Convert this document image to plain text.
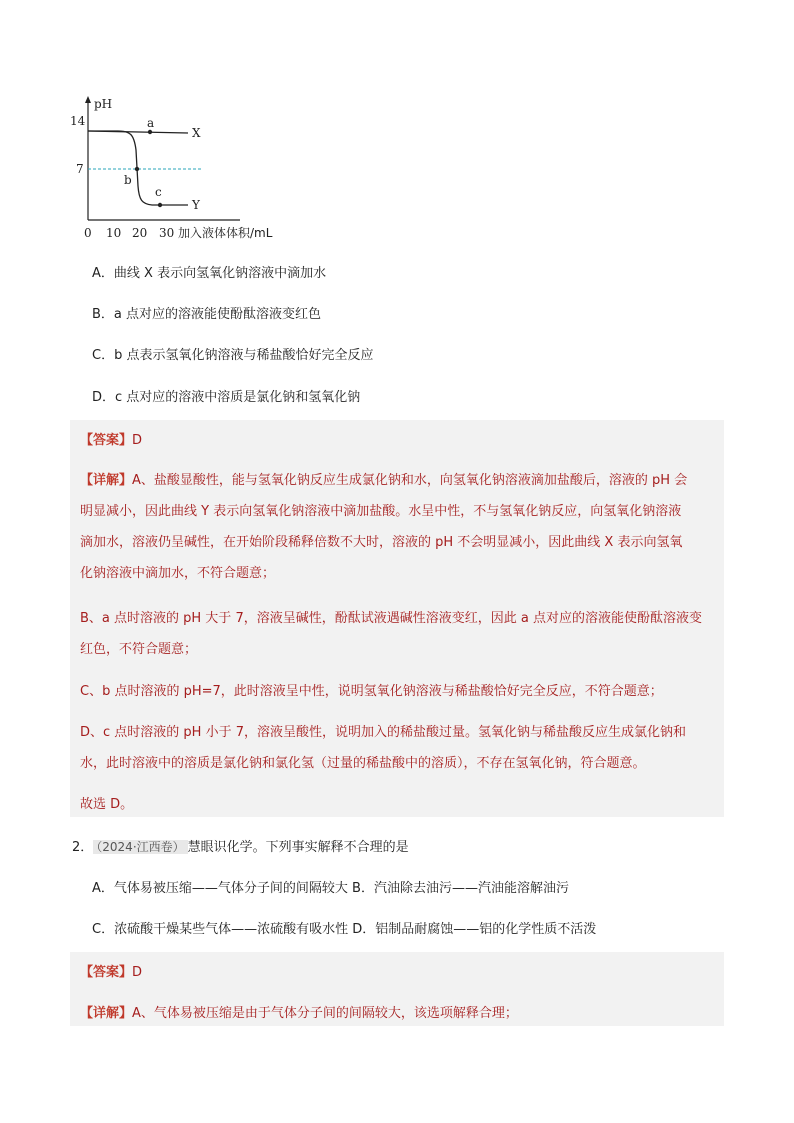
pH
14
7
0 10 20 30 加入液体体积/mL
X
Y
a
b
c
A．曲线 X 表示向氢氧化钠溶液中滴加水
B．a 点对应的溶液能使酚酞溶液变红色
C．b 点表示氢氧化钠溶液与稀盐酸恰好完全反应
D．c 点对应的溶液中溶质是氯化钠和氢氧化钠
【答案】D
【详解】A、盐酸显酸性，能与氢氧化钠反应生成氯化钠和水，向氢氧化钠溶液滴加盐酸后，溶液的 pH 会
明显减小，因此曲线 Y 表示向氢氧化钠溶液中滴加盐酸。水呈中性，不与氢氧化钠反应，向氢氧化钠溶液
滴加水，溶液仍呈碱性，在开始阶段稀释倍数不大时，溶液的 pH 不会明显减小，因此曲线 X 表示向氢氧
化钠溶液中滴加水，不符合题意；
B、a 点时溶液的 pH 大于 7，溶液呈碱性，酚酞试液遇碱性溶液变红，因此 a 点对应的溶液能使酚酞溶液变
红色，不符合题意；
C、b 点时溶液的 pH=7，此时溶液呈中性，说明氢氧化钠溶液与稀盐酸恰好完全反应，不符合题意；
D、c 点时溶液的 pH 小于 7，溶液呈酸性，说明加入的稀盐酸过量。氢氧化钠与稀盐酸反应生成氯化钠和
水，此时溶液中的溶质是氯化钠和氯化氢（过量的稀盐酸中的溶质），不存在氢氧化钠，符合题意。
故选 D。
2． （2024·江西卷） 慧眼识化学。下列事实解释不合理的是
A．气体易被压缩——气体分子间的间隔较大 B．汽油除去油污——汽油能溶解油污
C．浓硫酸干燥某些气体——浓硫酸有吸水性 D．铝制品耐腐蚀——铝的化学性质不活泼
【答案】D
【详解】A、气体易被压缩是由于气体分子间的间隔较大，该选项解释合理；
